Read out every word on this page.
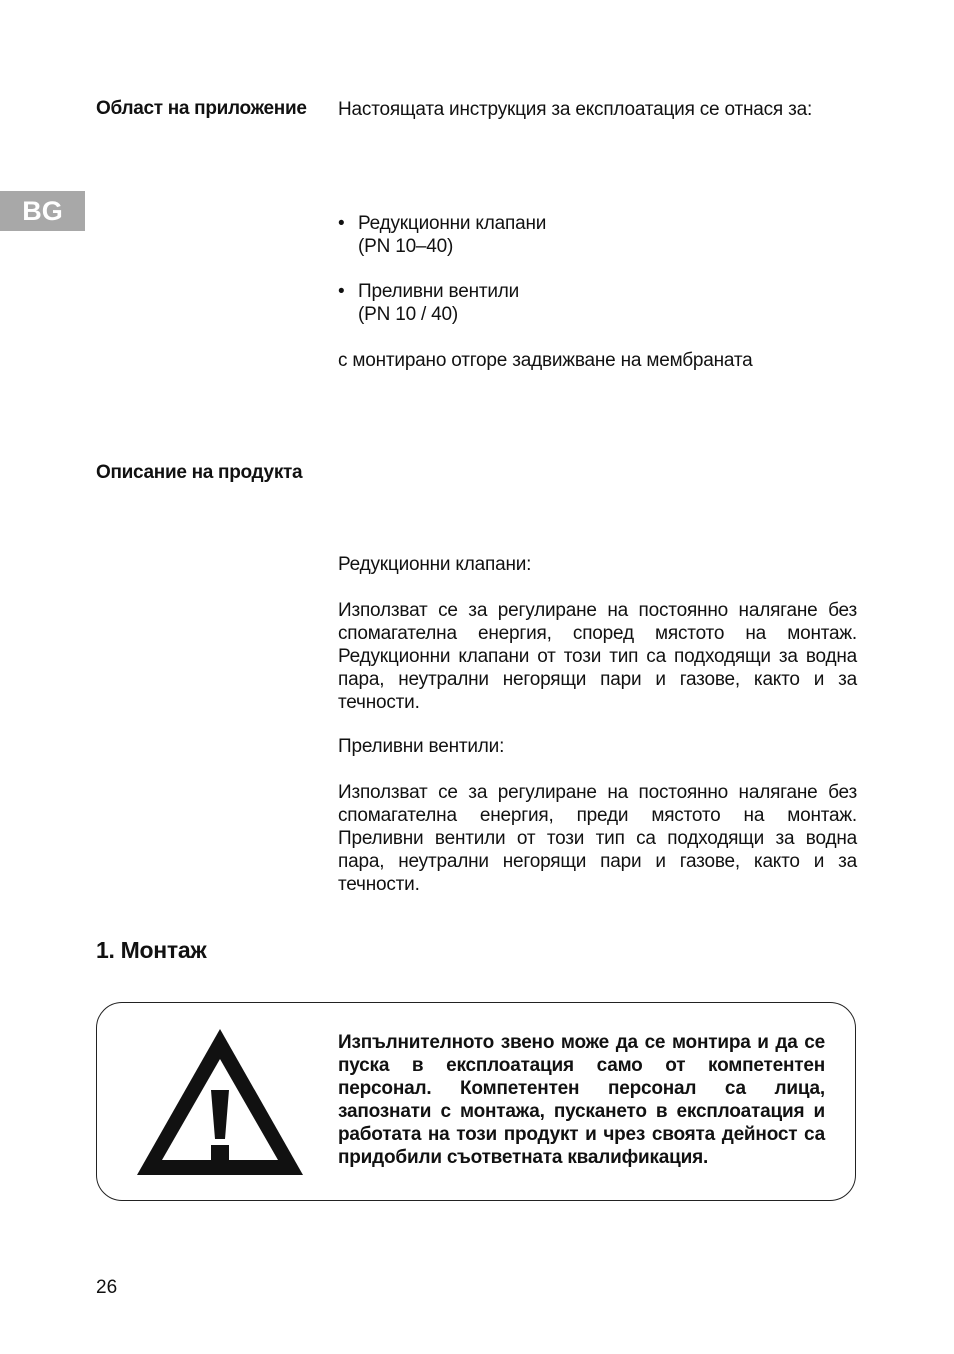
BG
Област на приложение Настоящата инструкция за експлоатация се отнася за:
• Редукционни клапани
(PN 10–40)
• Преливни вентили
(PN 10 / 40)
с монтирано отгоре задвижване на мембраната
Описание на продукта
Редукционни клапани:
Използват се за регулиране на постоянно налягане без спомагателна енергия, според мястото на монтаж. Редукционни клапани от този тип са подходящи за водна пара, неутрални негорящи пари и газове, както и за течности.
Преливни вентили:
Използват се за регулиране на постоянно налягане без спомагателна енергия, преди мястото на монтаж. Преливни вентили от този тип са подходящи за водна пара, неутрални негорящи пари и газове, както и за течности.
1. Монтаж
Изпълнителното звено може да се монтира и да се пуска в експлоатация само от компетентен персонал. Компетентен персонал са лица, запознати с монтажа, пускането в експлоатация и работата на този продукт и чрез своята дейност са придобили съответната квалификация.
26
